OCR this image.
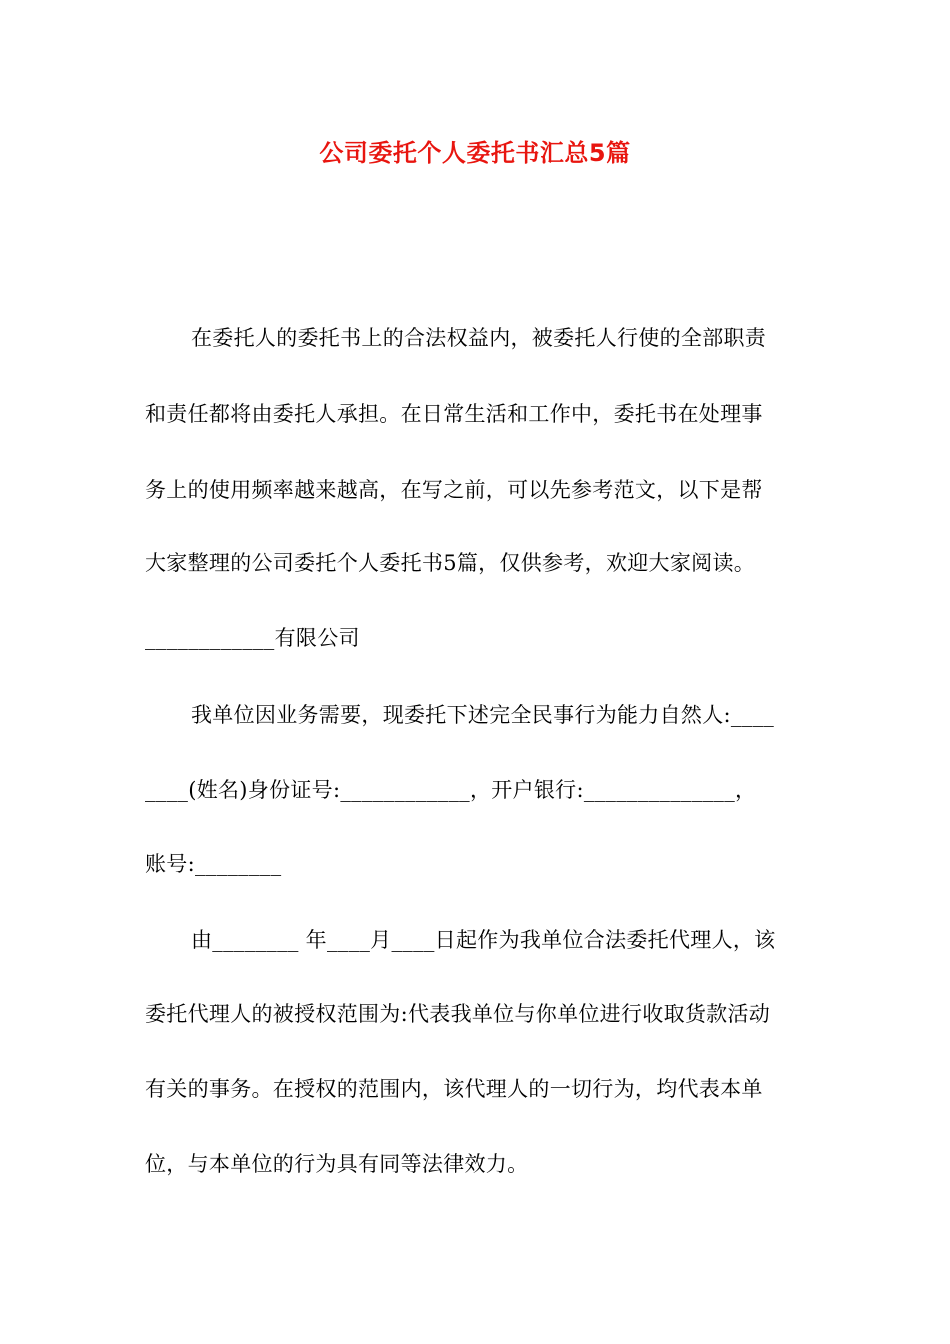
公司委托个人委托书汇总5篇
在委托人的委托书上的合法权益内，被委托人行使的全部职责
和责任都将由委托人承担。在日常生活和工作中，委托书在处理事
务上的使用频率越来越高，在写之前，可以先参考范文，以下是帮
大家整理的公司委托个人委托书5篇，仅供参考，欢迎大家阅读。
____________有限公司
我单位因业务需要，现委托下述完全民事行为能力自然人:____
____(姓名)身份证号:____________，开户银行:______________，
账号:________
由________ 年____月____日起作为我单位合法委托代理人，该
委托代理人的被授权范围为:代表我单位与你单位进行收取货款活动
有关的事务。在授权的范围内，该代理人的一切行为，均代表本单
位，与本单位的行为具有同等法律效力。
